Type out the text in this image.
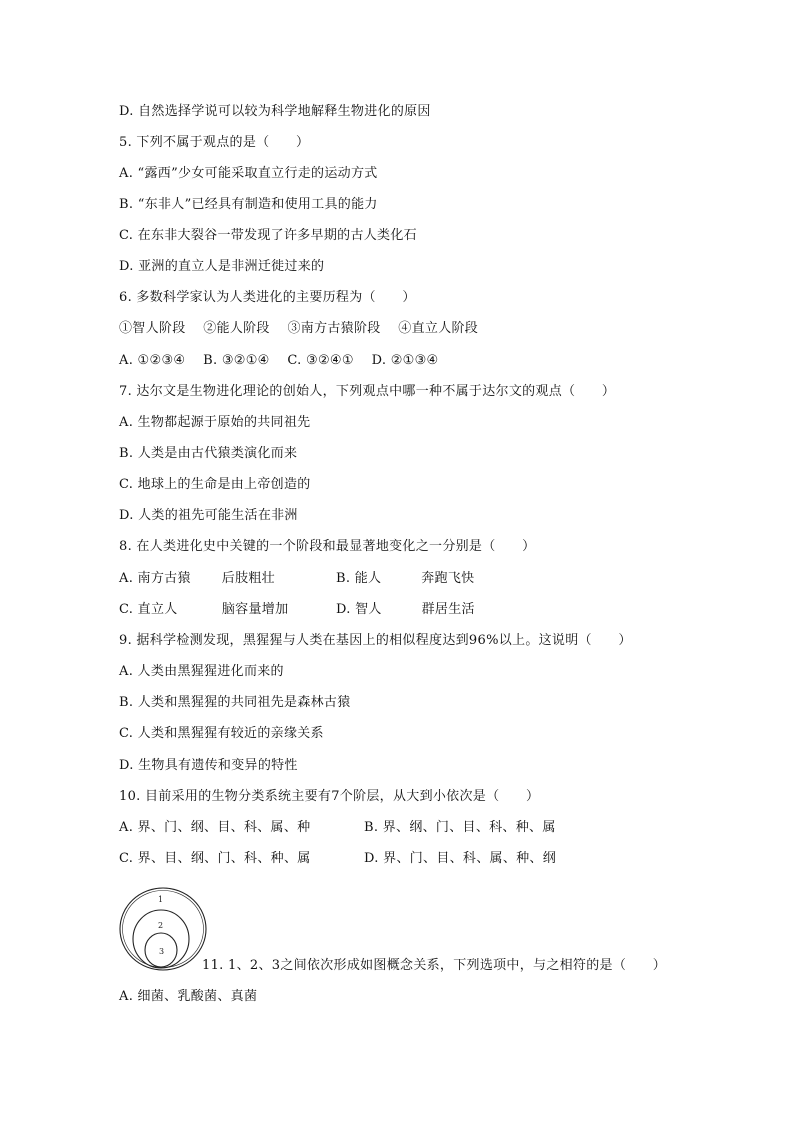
D. 自然选择学说可以较为科学地解释生物进化的原因
5. 下列不属于观点的是（　　）
A. “露西”少女可能采取直立行走的运动方式
B. “东非人”已经具有制造和使用工具的能力
C. 在东非大裂谷一带发现了许多早期的古人类化石
D. 亚洲的直立人是非洲迁徙过来的
6. 多数科学家认为人类进化的主要历程为（　　）
①智人阶段　 ②能人阶段　 ③南方古猿阶段　 ④直立人阶段
A. ①②③④　 B. ③②①④　 C. ③②④①　 D. ②①③④
7. 达尔文是生物进化理论的创始人，下列观点中哪一种不属于达尔文的观点（　　）
A. 生物都起源于原始的共同祖先
B. 人类是由古代猿类演化而来
C. 地球上的生命是由上帝创造的
D. 人类的祖先可能生活在非洲
8. 在人类进化史中关键的一个阶段和最显著地变化之一分别是（　　）
A. 南方古猿　　 后肢粗壮	B. 能人　　　奔跑飞快
C. 直立人　　　 脑容量增加	D. 智人　　　群居生活
9. 据科学检测发现，黑猩猩与人类在基因上的相似程度达到96%以上。这说明（　　）
A. 人类由黑猩猩进化而来的
B. 人类和黑猩猩的共同祖先是森林古猿
C. 人类和黑猩猩有较近的亲缘关系
D. 生物具有遗传和变异的特性
10. 目前采用的生物分类系统主要有7个阶层，从大到小依次是（　　）
A. 界、门、纲、目、科、属、种	B. 界、纲、门、目、科、种、属
C. 界、目、纲、门、科、种、属	D. 界、门、目、科、属、种、纲
1
2
3
11. 1、2、3之间依次形成如图概念关系，下列选项中，与之相符的是（　　）
A. 细菌、乳酸菌、真菌
